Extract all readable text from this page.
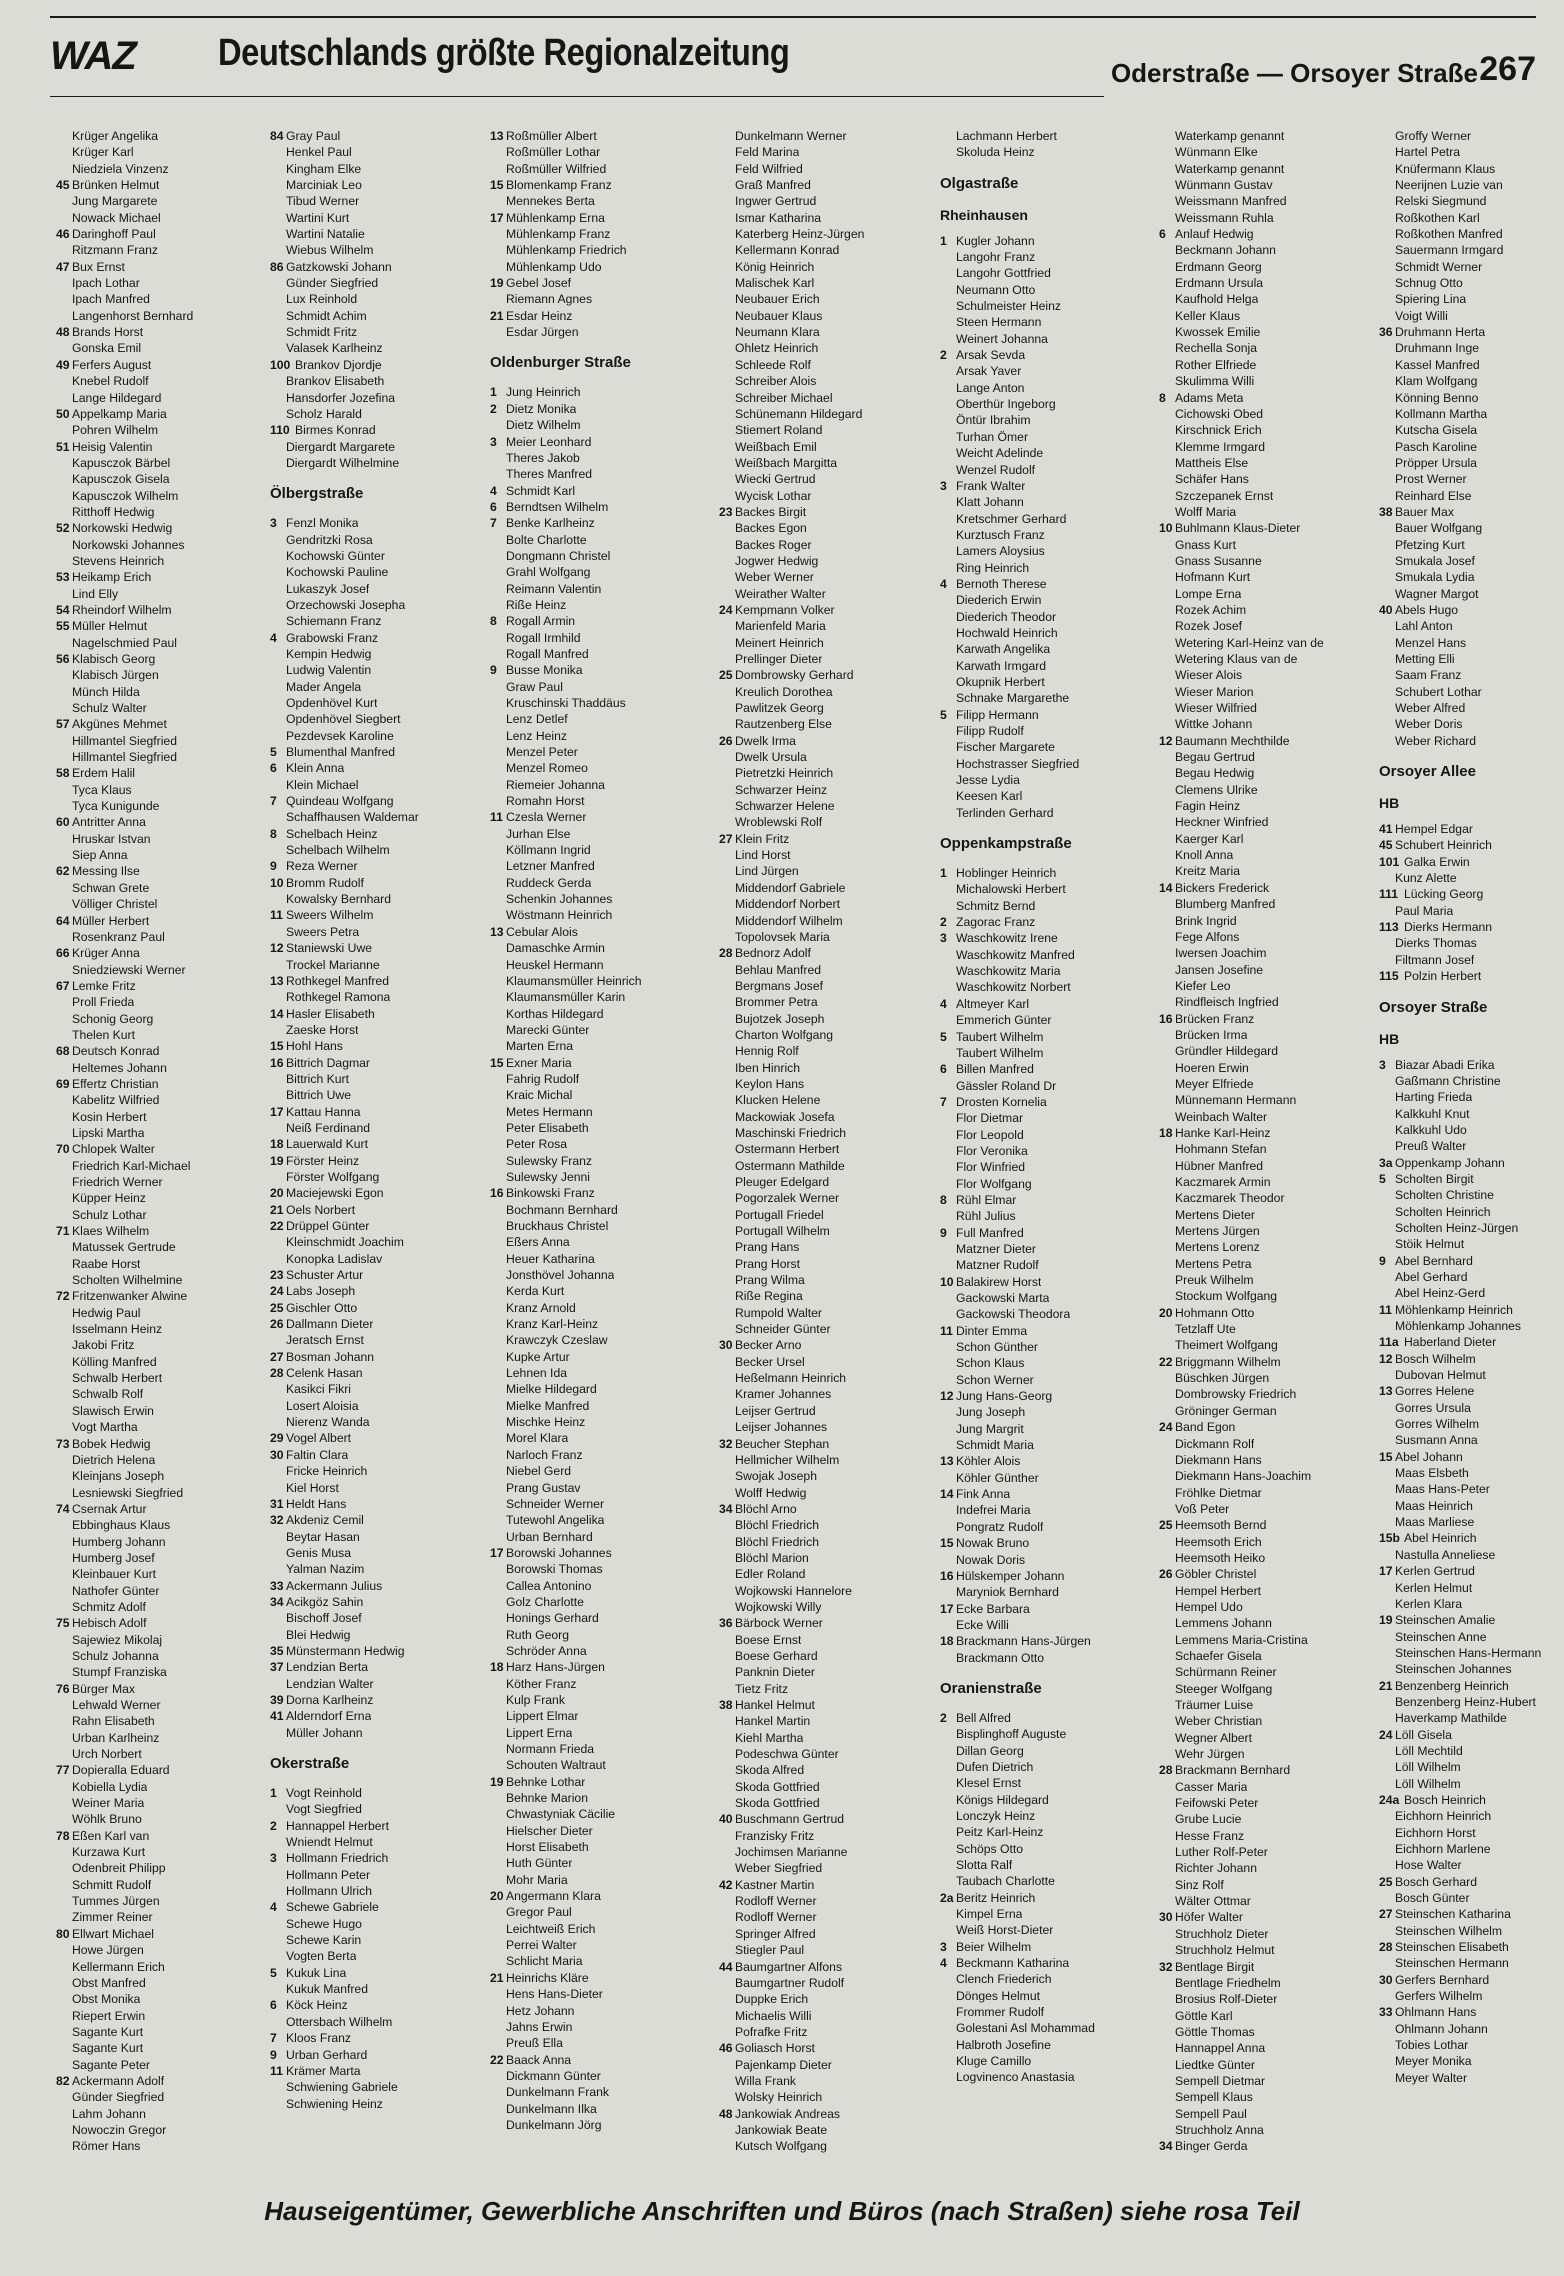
WAZ Deutschlands größte Regionalzeitung	Oderstraße — Orsoyer Straße 267
Krüger Angelika
Krüger Karl
Niedziela Vinzenz
45 Brünken Helmut
Jung Margarete
Nowack Michael
46 Daringhoff Paul
Ritzmann Franz
47 Bux Ernst
Ipach Lothar
Ipach Manfred
Langenhorst Bernhard
48 Brands Horst
Gonska Emil
49 Ferfers August
Knebel Rudolf
Lange Hildegard
50 Appelkamp Maria
Pohren Wilhelm
51 Heisig Valentin
Kapusczok Bärbel
Kapusczok Gisela
Kapusczok Wilhelm
Ritthoff Hedwig
52 Norkowski Hedwig
Norkowski Johannes
Stevens Heinrich
53 Heikamp Erich
Lind Elly
54 Rheindorf Wilhelm
55 Müller Helmut
Nagelschmied Paul
56 Klabisch Georg
Klabisch Jürgen
Münch Hilda
Schulz Walter
57 Akgünes Mehmet
Hillmantel Siegfried
Hillmantel Siegfried
58 Erdem Halil
Tyca Klaus
Tyca Kunigunde
60 Antritter Anna
Hruskar Istvan
Siep Anna
62 Messing Ilse
Schwan Grete
Völliger Christel
64 Müller Herbert
Rosenkranz Paul
66 Krüger Anna
Sniedziewski Werner
67 Lemke Fritz
Proll Frieda
Schonig Georg
Thelen Kurt
68 Deutsch Konrad
Heltemes Johann
69 Effertz Christian
Kabelitz Wilfried
Kosin Herbert
Lipski Martha
70 Chlopek Walter
Friedrich Karl-Michael
Friedrich Werner
Küpper Heinz
Schulz Lothar
71 Klaes Wilhelm
Matussek Gertrude
Raabe Horst
Scholten Wilhelmine
72 Fritzenwanker Alwine
Hedwig Paul
Isselmann Heinz
Jakobi Fritz
Kölling Manfred
Schwalb Herbert
Schwalb Rolf
Slawisch Erwin
Vogt Martha
73 Bobek Hedwig
Dietrich Helena
Kleinjans Joseph
Lesniewski Siegfried
74 Csernak Artur
Ebbinghaus Klaus
Humberg Johann
Humberg Josef
Kleinbauer Kurt
Nathofer Günter
Schmitz Adolf
75 Hebisch Adolf
Sajewiez Mikolaj
Schulz Johanna
Stumpf Franziska
76 Bürger Max
Lehwald Werner
Rahn Elisabeth
Urban Karlheinz
Urch Norbert
77 Dopieralla Eduard
Kobiella Lydia
Weiner Maria
Wöhlk Bruno
78 Eßen Karl van
Kurzawa Kurt
Odenbreit Philipp
Schmitt Rudolf
Tummes Jürgen
Zimmer Reiner
80 Ellwart Michael
Howe Jürgen
Kellermann Erich
Obst Manfred
Obst Monika
Riepert Erwin
Sagante Kurt
Sagante Kurt
Sagante Peter
82 Ackermann Adolf
Günder Siegfried
Lahm Johann
Nowoczin Gregor
Römer Hans
84 Gray Paul
Henkel Paul
Kingham Elke
Marciniak Leo
Tibud Werner
Wartini Kurt
Wartini Natalie
Wiebus Wilhelm
86 Gatzkowski Johann
Günder Siegfried
Lux Reinhold
Schmidt Achim
Schmidt Fritz
Valasek Karlheinz
100 Brankov Djordje
Brankov Elisabeth
Hansdorfer Jozefina
Scholz Harald
110 Birmes Konrad
Diergardt Margarete
Diergardt Wilhelmine
Ölbergstraße
3 Fenzl Monika
Gendritzki Rosa
Kochowski Günter
Kochowski Pauline
Lukaszyk Josef
Orzechowski Josepha
Schiemann Franz
4 Grabowski Franz
Kempin Hedwig
Ludwig Valentin
Mader Angela
Opdenhövel Kurt
Opdenhövel Siegbert
Pezdevsek Karoline
5 Blumenthal Manfred
6 Klein Anna
Klein Michael
7 Quindeau Wolfgang
Schaffhausen Waldemar
8 Schelbach Heinz
Schelbach Wilhelm
9 Reza Werner
10 Bromm Rudolf
Kowalsky Bernhard
11 Sweers Wilhelm
Sweers Petra
12 Staniewski Uwe
Trockel Marianne
13 Rothkegel Manfred
Rothkegel Ramona
14 Hasler Elisabeth
Zaeske Horst
15 Hohl Hans
16 Bittrich Dagmar
Bittrich Kurt
Bittrich Uwe
17 Kattau Hanna
Neiß Ferdinand
18 Lauerwald Kurt
19 Förster Heinz
Förster Wolfgang
20 Maciejewski Egon
21 Oels Norbert
22 Drüppel Günter
Kleinschmidt Joachim
Konopka Ladislav
23 Schuster Artur
24 Labs Joseph
25 Gischler Otto
26 Dallmann Dieter
Jeratsch Ernst
27 Bosman Johann
28 Celenk Hasan
Kasikci Fikri
Losert Aloisia
Nierenz Wanda
29 Vogel Albert
30 Faltin Clara
Fricke Heinrich
Kiel Horst
31 Heldt Hans
32 Akdeniz Cemil
Beytar Hasan
Genis Musa
Yalman Nazim
33 Ackermann Julius
34 Acikgöz Sahin
Bischoff Josef
Blei Hedwig
35 Münstermann Hedwig
37 Lendzian Berta
Lendzian Walter
39 Dorna Karlheinz
41 Alderndorf Erna
Müller Johann
Okerstraße
1 Vogt Reinhold
Vogt Siegfried
2 Hannappel Herbert
Wniendt Helmut
3 Hollmann Friedrich
Hollmann Peter
Hollmann Ulrich
4 Schewe Gabriele
Schewe Hugo
Schewe Karin
Vogten Berta
5 Kukuk Lina
Kukuk Manfred
6 Köck Heinz
Ottersbach Wilhelm
7 Kloos Franz
9 Urban Gerhard
11 Krämer Marta
Schwiening Gabriele
Schwiening Heinz
13 Roßmüller Albert
Roßmüller Lothar
Roßmüller Wilfried
15 Blomenkamp Franz
Mennekes Berta
17 Mühlenkamp Erna
Mühlenkamp Franz
Mühlenkamp Friedrich
Mühlenkamp Udo
19 Gebel Josef
Riemann Agnes
21 Esdar Heinz
Esdar Jürgen
Oldenburger Straße
1 Jung Heinrich
2 Dietz Monika
Dietz Wilhelm
3 Meier Leonhard
Theres Jakob
Theres Manfred
4 Schmidt Karl
6 Berndtsen Wilhelm
7 Benke Karlheinz
Bolte Charlotte
Dongmann Christel
Grahl Wolfgang
Reimann Valentin
Riße Heinz
8 Rogall Armin
Rogall Irmhild
Rogall Manfred
9 Busse Monika
Graw Paul
Kruschinski Thaddäus
Lenz Detlef
Lenz Heinz
Menzel Peter
Menzel Romeo
Riemeier Johanna
Romahn Horst
11 Czesla Werner
Jurhan Else
Köllmann Ingrid
Letzner Manfred
Ruddeck Gerda
Schenkin Johannes
Wöstmann Heinrich
13 Cebular Alois
Damaschke Armin
Heuskel Hermann
Klaumansmüller Heinrich
Klaumansmüller Karin
Korthas Hildegard
Marecki Günter
Marten Erna
15 Exner Maria
Fahrig Rudolf
Kraic Michal
Metes Hermann
Peter Elisabeth
Peter Rosa
Sulewsky Franz
Sulewsky Jenni
16 Binkowski Franz
Bochmann Bernhard
Bruckhaus Christel
Eßers Anna
Heuer Katharina
Jonsthövel Johanna
Kerda Kurt
Kranz Arnold
Kranz Karl-Heinz
Krawczyk Czeslaw
Kupke Artur
Lehnen Ida
Mielke Hildegard
Mielke Manfred
Mischke Heinz
Morel Klara
Narloch Franz
Niebel Gerd
Prang Gustav
Schneider Werner
Tutewohl Angelika
Urban Bernhard
17 Borowski Johannes
Borowski Thomas
Callea Antonino
Golz Charlotte
Honings Gerhard
Ruth Georg
Schröder Anna
18 Harz Hans-Jürgen
Köther Franz
Kulp Frank
Lippert Elmar
Lippert Erna
Normann Frieda
Schouten Waltraut
19 Behnke Lothar
Behnke Marion
Chwastyniak Cäcilie
Hielscher Dieter
Horst Elisabeth
Huth Günter
Mohr Maria
20 Angermann Klara
Gregor Paul
Leichtweiß Erich
Perrei Walter
Schlicht Maria
21 Heinrichs Kläre
Hens Hans-Dieter
Hetz Johann
Jahns Erwin
Preuß Ella
22 Baack Anna
Dickmann Günter
Dunkelmann Frank
Dunkelmann Ilka
Dunkelmann Jörg
Dunkelmann Werner
Feld Marina
Feld Wilfried
Graß Manfred
Ingwer Gertrud
Ismar Katharina
Katerberg Heinz-Jürgen
Kellermann Konrad
König Heinrich
Malischek Karl
Neubauer Erich
Neubauer Klaus
Neumann Klara
Ohletz Heinrich
Schleede Rolf
Schreiber Alois
Schreiber Michael
Schünemann Hildegard
Stiemert Roland
Weißbach Emil
Weißbach Margitta
Wiecki Gertrud
Wycisk Lothar
23 Backes Birgit
Backes Egon
Backes Roger
Jogwer Hedwig
Weber Werner
Weirather Walter
24 Kempmann Volker
Marienfeld Maria
Meinert Heinrich
Prellinger Dieter
25 Dombrowsky Gerhard
Kreulich Dorothea
Pawlitzek Georg
Rautzenberg Else
26 Dwelk Irma
Dwelk Ursula
Pietretzki Heinrich
Schwarzer Heinz
Schwarzer Helene
Wroblewski Rolf
27 Klein Fritz
Lind Horst
Lind Jürgen
Middendorf Gabriele
Middendorf Norbert
Middendorf Wilhelm
Topolovsek Maria
28 Bednorz Adolf
Behlau Manfred
Bergmans Josef
Brommer Petra
Bujotzek Joseph
Charton Wolfgang
Hennig Rolf
Iben Hinrich
Keylon Hans
Klucken Helene
Mackowiak Josefa
Maschinski Friedrich
Ostermann Herbert
Ostermann Mathilde
Pleuger Edelgard
Pogorzalek Werner
Portugall Friedel
Portugall Wilhelm
Prang Hans
Prang Horst
Prang Wilma
Riße Regina
Rumpold Walter
Schneider Günter
30 Becker Arno
Becker Ursel
Heßelmann Heinrich
Kramer Johannes
Leijser Gertrud
Leijser Johannes
32 Beucher Stephan
Hellmicher Wilhelm
Swojak Joseph
Wolff Hedwig
34 Blöchl Arno
Blöchl Friedrich
Blöchl Friedrich
Blöchl Marion
Edler Roland
Wojkowski Hannelore
Wojkowski Willy
36 Bärbock Werner
Boese Ernst
Boese Gerhard
Panknin Dieter
Tietz Fritz
38 Hankel Helmut
Hankel Martin
Kiehl Martha
Podeschwa Günter
Skoda Alfred
Skoda Gottfried
Skoda Gottfried
40 Buschmann Gertrud
Franzisky Fritz
Jochimsen Marianne
Weber Siegfried
42 Kastner Martin
Rodloff Werner
Rodloff Werner
Springer Alfred
Stiegler Paul
44 Baumgartner Alfons
Baumgartner Rudolf
Duppke Erich
Michaelis Willi
Pofrafke Fritz
46 Goliasch Horst
Pajenkamp Dieter
Willa Frank
Wolsky Heinrich
48 Jankowiak Andreas
Jankowiak Beate
Kutsch Wolfgang
Lachmann Herbert
Skoluda Heinz
Olgastraße
Rheinhausen
1 Kugler Johann
Langohr Franz
Langohr Gottfried
Neumann Otto
Schulmeister Heinz
Steen Hermann
Weinert Johanna
2 Arsak Sevda
Arsak Yaver
Lange Anton
Oberthür Ingeborg
Öntür Ibrahim
Turhan Ömer
Weicht Adelinde
Wenzel Rudolf
3 Frank Walter
Klatt Johann
Kretschmer Gerhard
Kurztusch Franz
Lamers Aloysius
Ring Heinrich
4 Bernoth Therese
Diederich Erwin
Diederich Theodor
Hochwald Heinrich
Karwath Angelika
Karwath Irmgard
Okupnik Herbert
Schnake Margarethe
5 Filipp Hermann
Filipp Rudolf
Fischer Margarete
Hochstrasser Siegfried
Jesse Lydia
Keesen Karl
Terlinden Gerhard
Oppenkampstraße
1 Hoblinger Heinrich
Michalowski Herbert
Schmitz Bernd
2 Zagorac Franz
3 Waschkowitz Irene
Waschkowitz Manfred
Waschkowitz Maria
Waschkowitz Norbert
4 Altmeyer Karl
Emmerich Günter
5 Taubert Wilhelm
Taubert Wilhelm
6 Billen Manfred
Gässler Roland Dr
7 Drosten Kornelia
Flor Dietmar
Flor Leopold
Flor Veronika
Flor Winfried
Flor Wolfgang
8 Rühl Elmar
Rühl Julius
9 Full Manfred
Matzner Dieter
Matzner Rudolf
10 Balakirew Horst
Gackowski Marta
Gackowski Theodora
11 Dinter Emma
Schon Günther
Schon Klaus
Schon Werner
12 Jung Hans-Georg
Jung Joseph
Jung Margrit
Schmidt Maria
13 Köhler Alois
Köhler Günther
14 Fink Anna
Indefrei Maria
Pongratz Rudolf
15 Nowak Bruno
Nowak Doris
16 Hülskemper Johann
Maryniok Bernhard
17 Ecke Barbara
Ecke Willi
18 Brackmann Hans-Jürgen
Brackmann Otto
Oranienstraße
2 Bell Alfred
Bisplinghoff Auguste
Dillan Georg
Dufen Dietrich
Klesel Ernst
Königs Hildegard
Lonczyk Heinz
Peitz Karl-Heinz
Schöps Otto
Slotta Ralf
Taubach Charlotte
2a Beritz Heinrich
Kimpel Erna
Weiß Horst-Dieter
3 Beier Wilhelm
4 Beckmann Katharina
Clench Friederich
Dönges Helmut
Frommer Rudolf
Golestani Asl Mohammad
Halbroth Josefine
Kluge Camillo
Logvinenco Anastasia
Waterkamp genannt
Wünmann Elke
Waterkamp genannt
Wünmann Gustav
Weissmann Manfred
Weissmann Ruhla
6 Anlauf Hedwig
Beckmann Johann
Erdmann Georg
Erdmann Ursula
Kaufhold Helga
Keller Klaus
Kwossek Emilie
Rechella Sonja
Rother Elfriede
Skulimma Willi
8 Adams Meta
Cichowski Obed
Kirschnick Erich
Klemme Irmgard
Mattheis Else
Schäfer Hans
Szczepanek Ernst
Wolff Maria
10 Buhlmann Klaus-Dieter
Gnass Kurt
Gnass Susanne
Hofmann Kurt
Lompe Erna
Rozek Achim
Rozek Josef
Wetering Karl-Heinz van de
Wetering Klaus van de
Wieser Alois
Wieser Marion
Wieser Wilfried
Wittke Johann
12 Baumann Mechthilde
Begau Gertrud
Begau Hedwig
Clemens Ulrike
Fagin Heinz
Heckner Winfried
Kaerger Karl
Knoll Anna
Kreitz Maria
14 Bickers Frederick
Blumberg Manfred
Brink Ingrid
Fege Alfons
Iwersen Joachim
Jansen Josefine
Kiefer Leo
Rindfleisch Ingfried
16 Brücken Franz
Brücken Irma
Gründler Hildegard
Hoeren Erwin
Meyer Elfriede
Münnemann Hermann
Weinbach Walter
18 Hanke Karl-Heinz
Hohmann Stefan
Hübner Manfred
Kaczmarek Armin
Kaczmarek Theodor
Mertens Dieter
Mertens Jürgen
Mertens Lorenz
Mertens Petra
Preuk Wilhelm
Stockum Wolfgang
20 Hohmann Otto
Tetzlaff Ute
Theimert Wolfgang
22 Briggmann Wilhelm
Büschken Jürgen
Dombrowsky Friedrich
Gröninger German
24 Band Egon
Dickmann Rolf
Diekmann Hans
Diekmann Hans-Joachim
Fröhlke Dietmar
Voß Peter
25 Heemsoth Bernd
Heemsoth Erich
Heemsoth Heiko
26 Göbler Christel
Hempel Herbert
Hempel Udo
Lemmens Johann
Lemmens Maria-Cristina
Schaefer Gisela
Schürmann Reiner
Steeger Wolfgang
Träumer Luise
Weber Christian
Wegner Albert
Wehr Jürgen
28 Brackmann Bernhard
Casser Maria
Feifowski Peter
Grube Lucie
Hesse Franz
Luther Rolf-Peter
Richter Johann
Sinz Rolf
Wälter Ottmar
30 Höfer Walter
Struchholz Dieter
Struchholz Helmut
32 Bentlage Birgit
Bentlage Friedhelm
Brosius Rolf-Dieter
Göttle Karl
Göttle Thomas
Hannappel Anna
Liedtke Günter
Sempell Dietmar
Sempell Klaus
Sempell Paul
Struchholz Anna
34 Binger Gerda
Groffy Werner
Hartel Petra
Knüfermann Klaus
Neerijnen Luzie van
Relski Siegmund
Roßkothen Karl
Roßkothen Manfred
Sauermann Irmgard
Schmidt Werner
Schnug Otto
Spiering Lina
Voigt Willi
36 Druhmann Herta
Druhmann Inge
Kassel Manfred
Klam Wolfgang
Könning Benno
Kollmann Martha
Kutscha Gisela
Pasch Karoline
Pröpper Ursula
Prost Werner
Reinhard Else
38 Bauer Max
Bauer Wolfgang
Pfetzing Kurt
Smukala Josef
Smukala Lydia
Wagner Margot
40 Abels Hugo
Lahl Anton
Menzel Hans
Metting Elli
Saam Franz
Schubert Lothar
Weber Alfred
Weber Doris
Weber Richard
Orsoyer Allee
HB
41 Hempel Edgar
45 Schubert Heinrich
101 Galka Erwin
Kunz Alette
111 Lücking Georg
Paul Maria
113 Dierks Hermann
Dierks Thomas
Filtmann Josef
115 Polzin Herbert
Orsoyer Straße
HB
3 Biazar Abadi Erika
Gaßmann Christine
Harting Frieda
Kalkkuhl Knut
Kalkkuhl Udo
Preuß Walter
3a Oppenkamp Johann
5 Scholten Birgit
Scholten Christine
Scholten Heinrich
Scholten Heinz-Jürgen
Stöik Helmut
9 Abel Bernhard
Abel Gerhard
Abel Heinz-Gerd
11 Möhlenkamp Heinrich
Möhlenkamp Johannes
11a Haberland Dieter
12 Bosch Wilhelm
Dubovan Helmut
13 Gorres Helene
Gorres Ursula
Gorres Wilhelm
Susmann Anna
15 Abel Johann
Maas Elsbeth
Maas Hans-Peter
Maas Heinrich
Maas Marliese
15b Abel Heinrich
Nastulla Anneliese
17 Kerlen Gertrud
Kerlen Helmut
Kerlen Klara
19 Steinschen Amalie
Steinschen Anne
Steinschen Hans-Hermann
Steinschen Johannes
21 Benzenberg Heinrich
Benzenberg Heinz-Hubert
Haverkamp Mathilde
24 Löll Gisela
Löll Mechtild
Löll Wilhelm
Löll Wilhelm
24a Bosch Heinrich
Eichhorn Heinrich
Eichhorn Horst
Eichhorn Marlene
Hose Walter
25 Bosch Gerhard
Bosch Günter
27 Steinschen Katharina
Steinschen Wilhelm
28 Steinschen Elisabeth
Steinschen Hermann
30 Gerfers Bernhard
Gerfers Wilhelm
33 Ohlmann Hans
Ohlmann Johann
Tobies Lothar
Meyer Monika
Meyer Walter
Hauseigentümer, Gewerbliche Anschriften und Büros (nach Straßen) siehe rosa Teil
